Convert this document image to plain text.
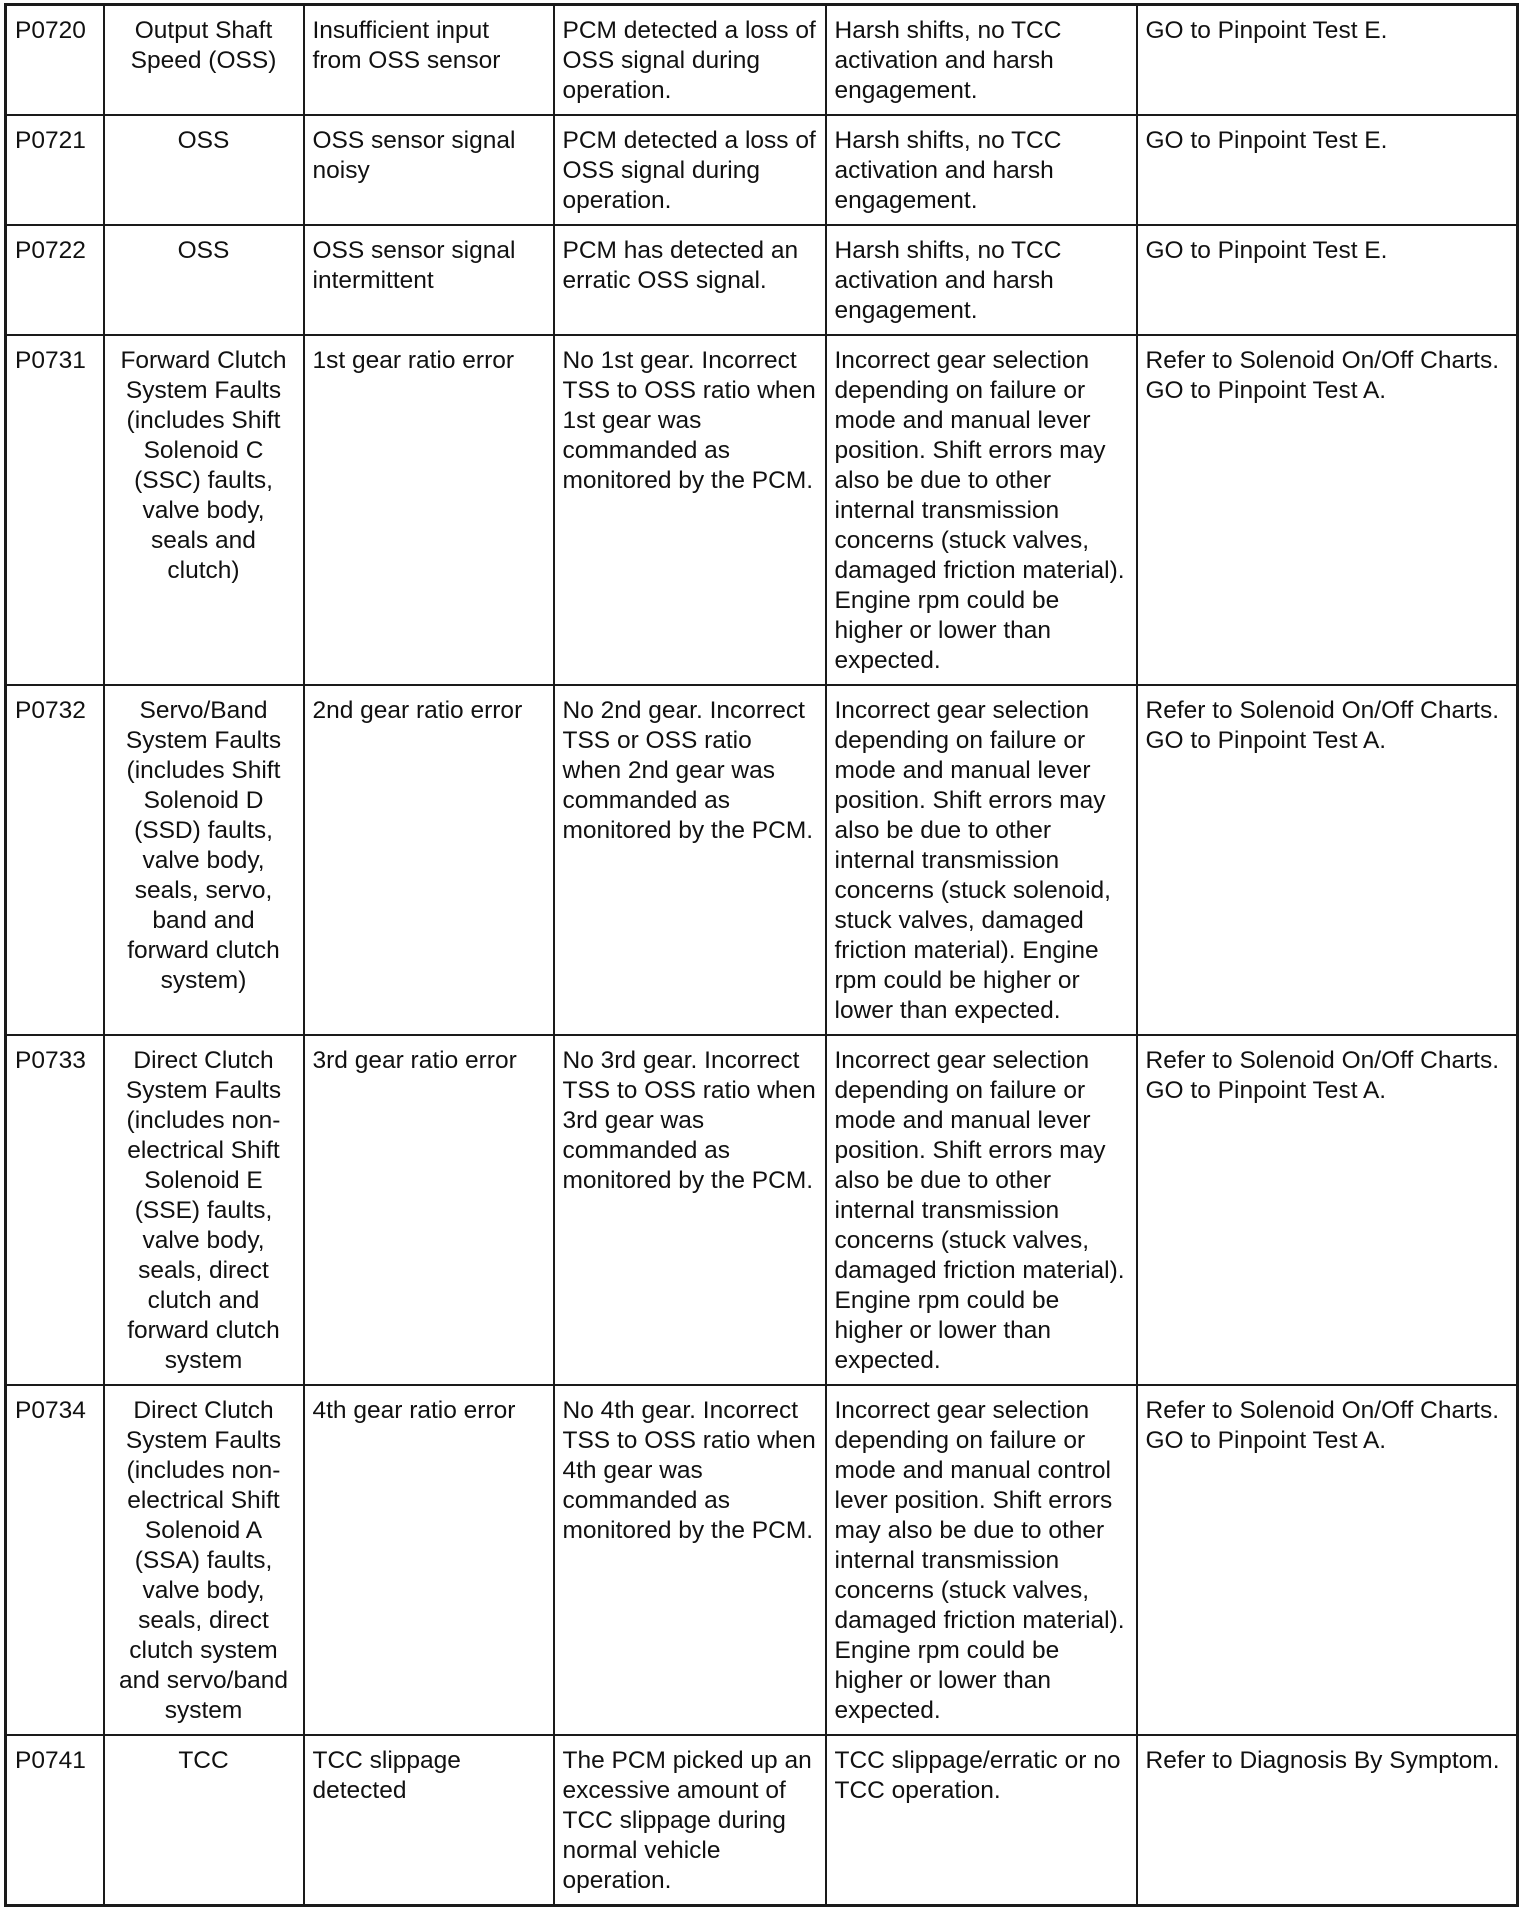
P0720	Output Shaft Speed (OSS)	Insufficient input from OSS sensor	PCM detected a loss of OSS signal during operation.	Harsh shifts, no TCC activation and harsh engagement.	GO to Pinpoint Test E.
P0721	OSS	OSS sensor signal noisy	PCM detected a loss of OSS signal during operation.	Harsh shifts, no TCC activation and harsh engagement.	GO to Pinpoint Test E.
P0722	OSS	OSS sensor signal intermittent	PCM has detected an erratic OSS signal.	Harsh shifts, no TCC activation and harsh engagement.	GO to Pinpoint Test E.
P0731	Forward Clutch System Faults (includes Shift Solenoid C (SSC) faults, valve body, seals and clutch)	1st gear ratio error	No 1st gear. Incorrect TSS to OSS ratio when 1st gear was commanded as monitored by the PCM.	Incorrect gear selection depending on failure or mode and manual lever position. Shift errors may also be due to other internal transmission concerns (stuck valves, damaged friction material). Engine rpm could be higher or lower than expected.	Refer to Solenoid On/Off Charts. GO to Pinpoint Test A.
P0732	Servo/Band System Faults (includes Shift Solenoid D (SSD) faults, valve body, seals, servo, band and forward clutch system)	2nd gear ratio error	No 2nd gear. Incorrect TSS or OSS ratio when 2nd gear was commanded as monitored by the PCM.	Incorrect gear selection depending on failure or mode and manual lever position. Shift errors may also be due to other internal transmission concerns (stuck solenoid, stuck valves, damaged friction material). Engine rpm could be higher or lower than expected.	Refer to Solenoid On/Off Charts. GO to Pinpoint Test A.
P0733	Direct Clutch System Faults (includes non-electrical Shift Solenoid E (SSE) faults, valve body, seals, direct clutch and forward clutch system	3rd gear ratio error	No 3rd gear. Incorrect TSS to OSS ratio when 3rd gear was commanded as monitored by the PCM.	Incorrect gear selection depending on failure or mode and manual lever position. Shift errors may also be due to other internal transmission concerns (stuck valves, damaged friction material). Engine rpm could be higher or lower than expected.	Refer to Solenoid On/Off Charts. GO to Pinpoint Test A.
P0734	Direct Clutch System Faults (includes non-electrical Shift Solenoid A (SSA) faults, valve body, seals, direct clutch system and servo/band system	4th gear ratio error	No 4th gear. Incorrect TSS to OSS ratio when 4th gear was commanded as monitored by the PCM.	Incorrect gear selection depending on failure or mode and manual control lever position. Shift errors may also be due to other internal transmission concerns (stuck valves, damaged friction material). Engine rpm could be higher or lower than expected.	Refer to Solenoid On/Off Charts. GO to Pinpoint Test A.
P0741	TCC	TCC slippage detected	The PCM picked up an excessive amount of TCC slippage during normal vehicle operation.	TCC slippage/erratic or no TCC operation.	Refer to Diagnosis By Symptom.
